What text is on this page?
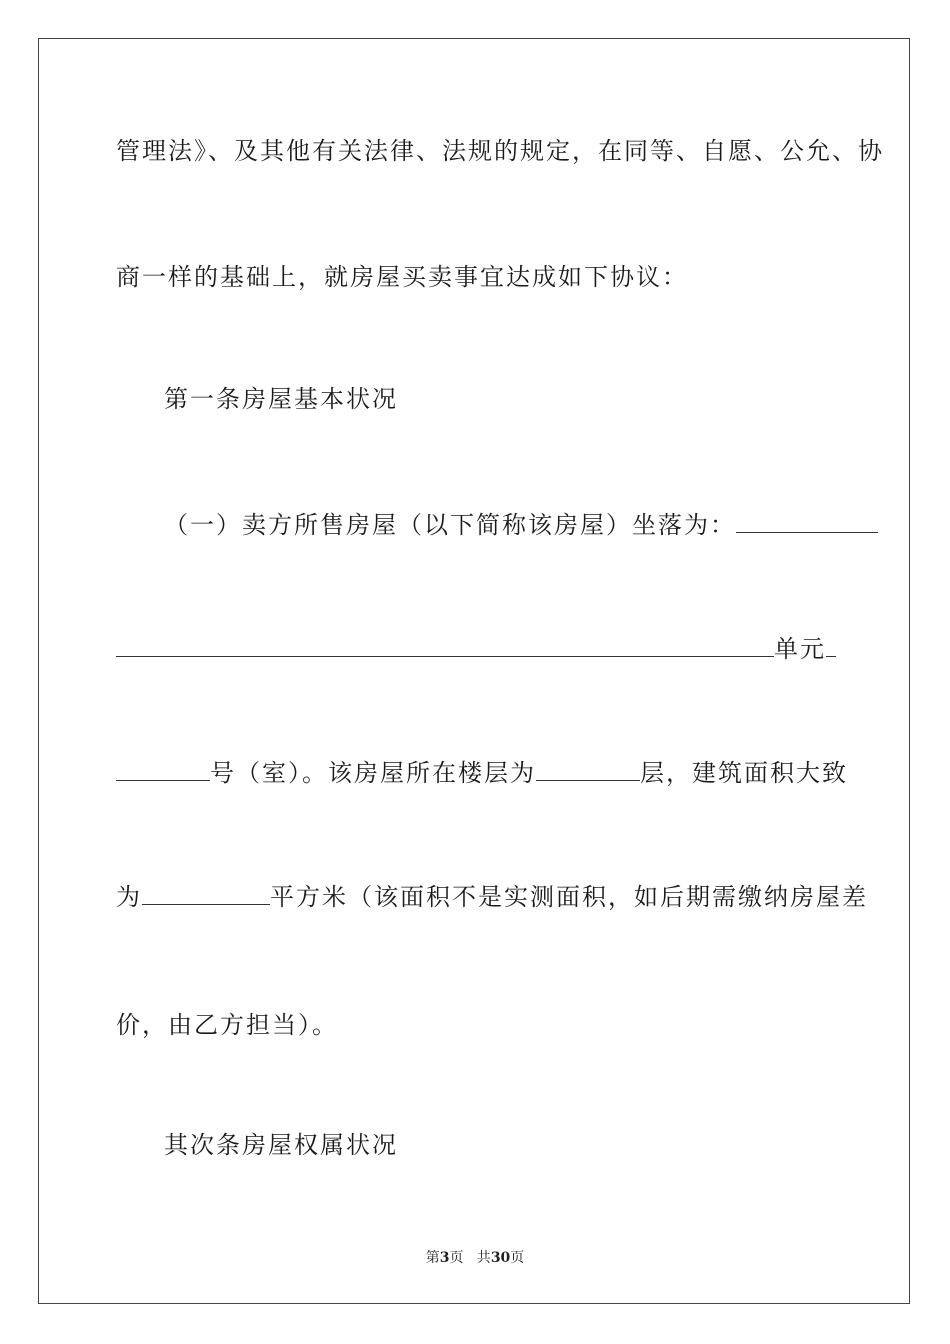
管理法》、及其他有关法律、法规的规定，在同等、自愿、公允、协
商一样的基础上，就房屋买卖事宜达成如下协议：
第一条房屋基本状况
（一）卖方所售房屋（以下简称该房屋）坐落为：
单元
号（室）。该房屋所在楼层为	层，建筑面积大致
为	平方米（该面积不是实测面积，如后期需缴纳房屋差
价，由乙方担当）。
其次条房屋权属状况
第3页   共30页
